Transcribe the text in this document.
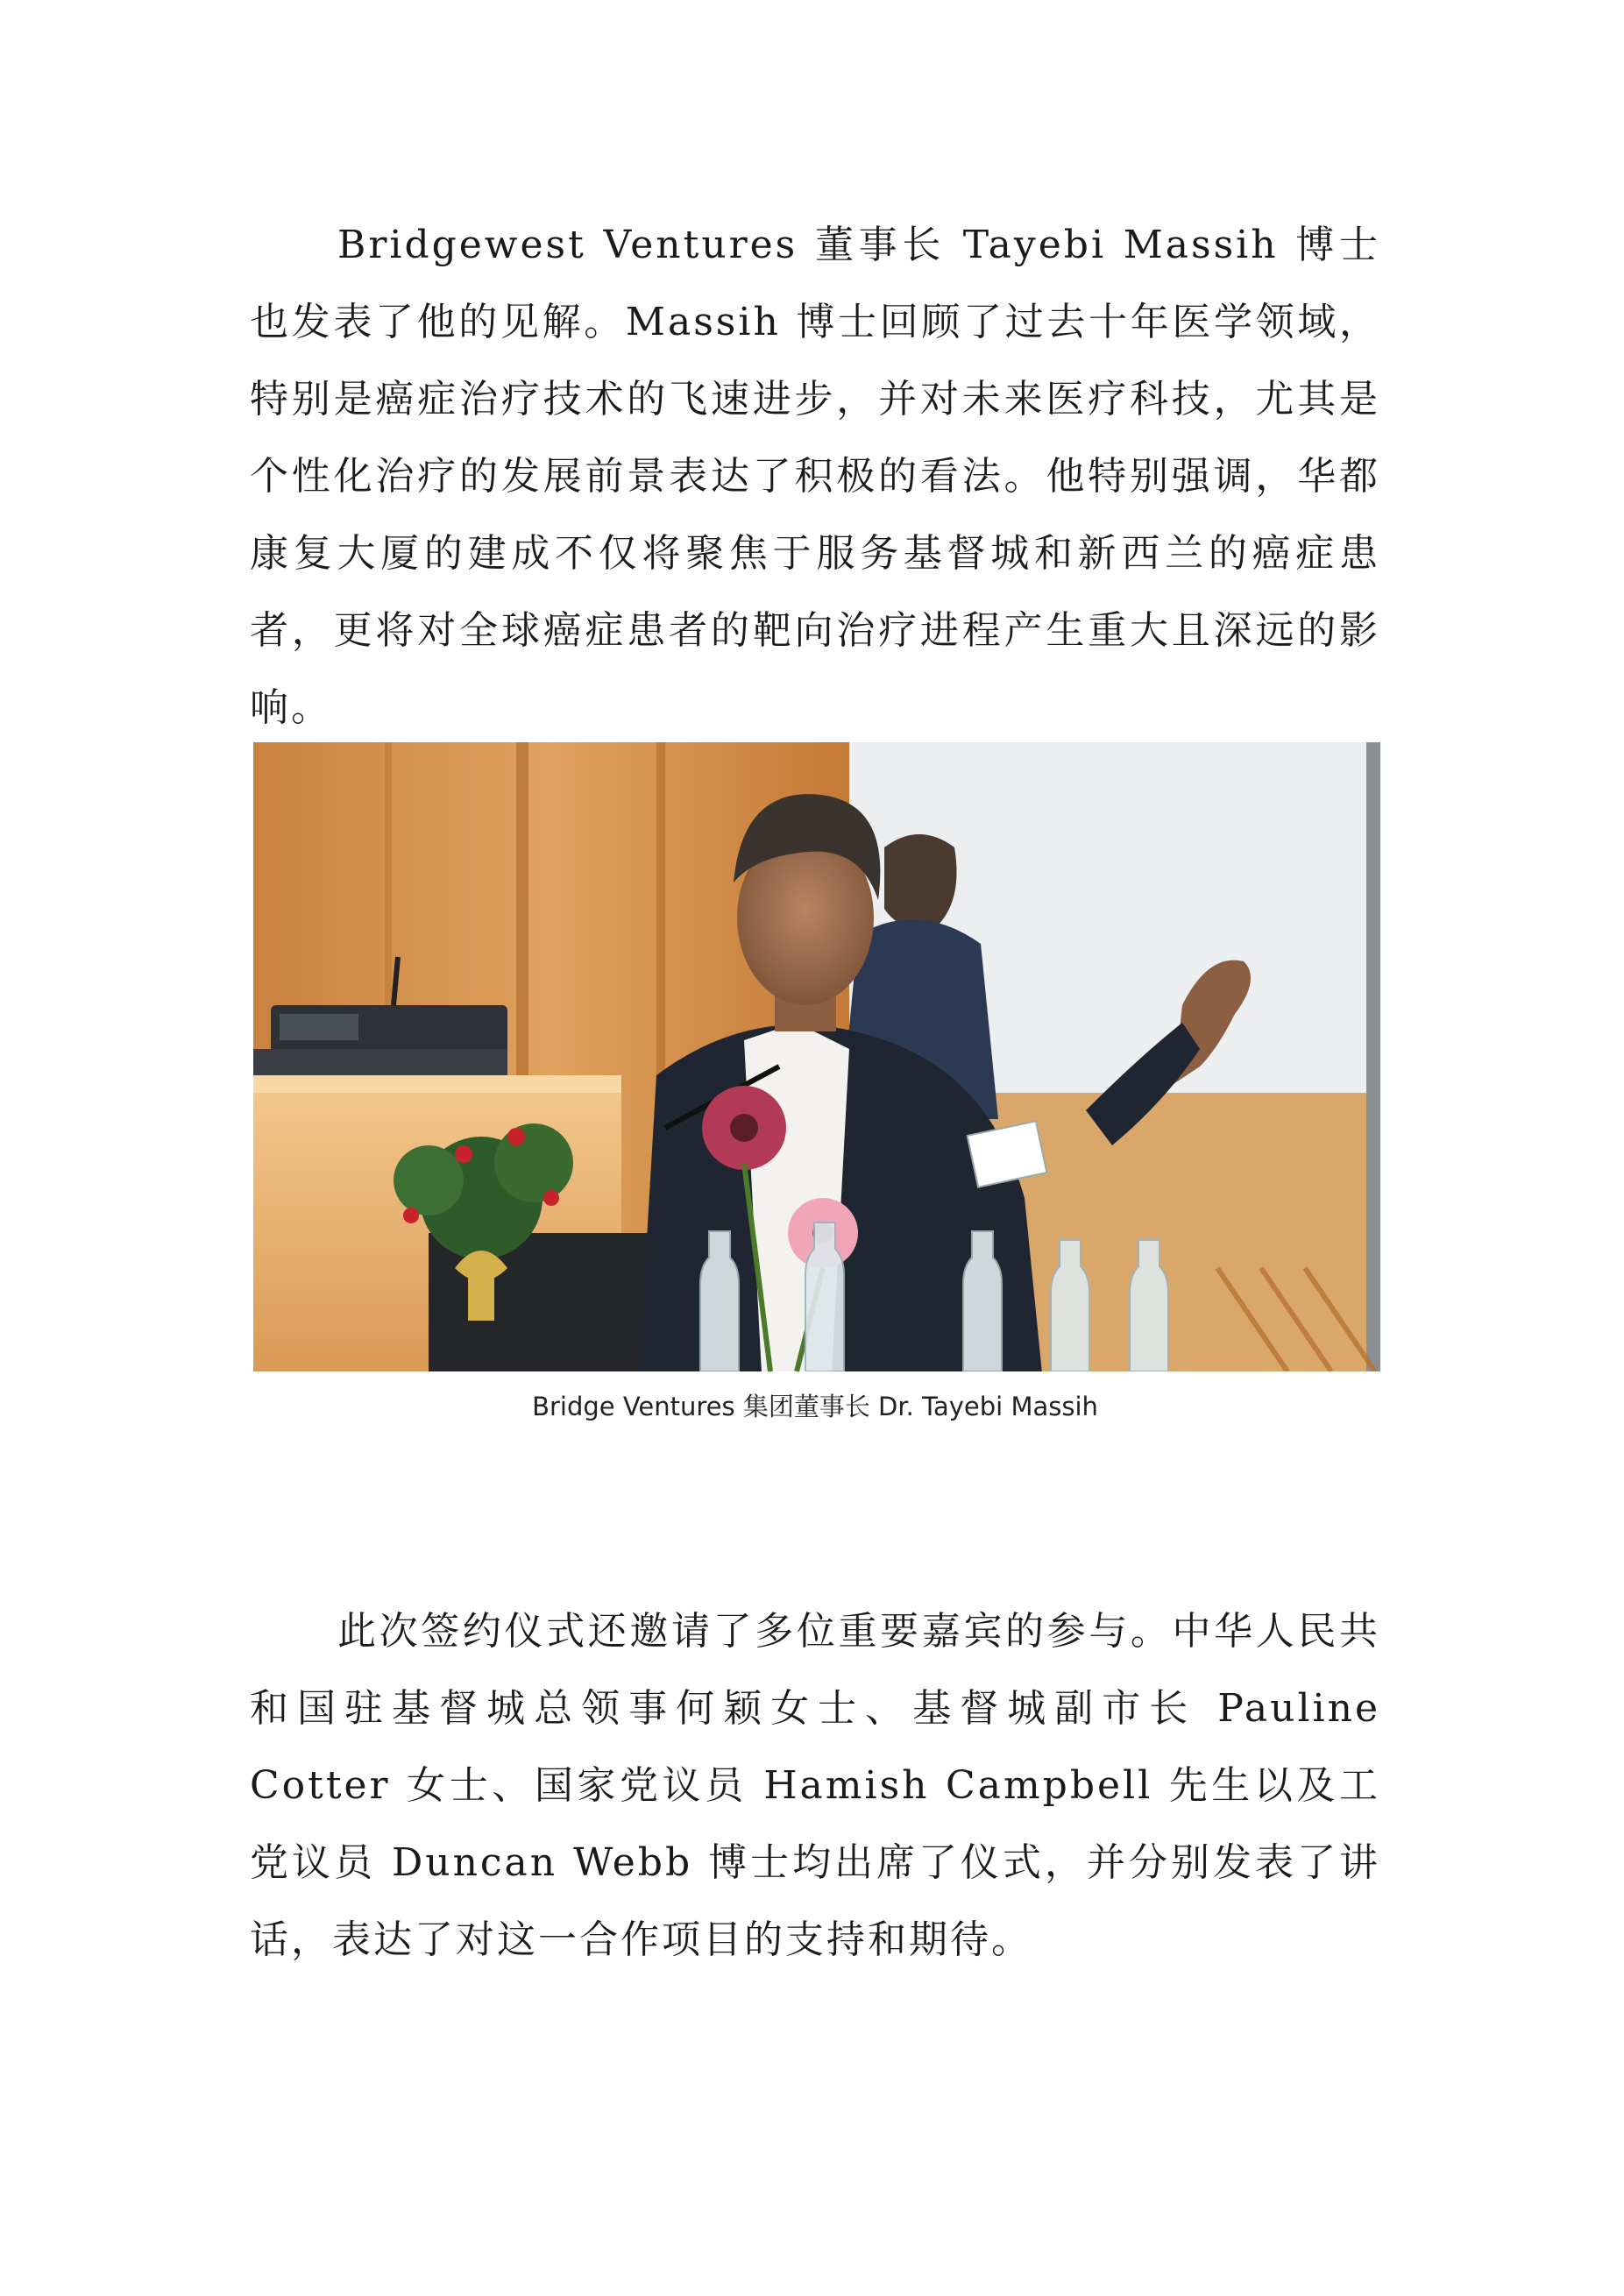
Bridgewest Ventures 董事长 Tayebi Massih 博士也发表了他的见解。Massih 博士回顾了过去十年医学领域，特别是癌症治疗技术的飞速进步，并对未来医疗科技，尤其是个性化治疗的发展前景表达了积极的看法。他特别强调，华都康复大厦的建成不仅将聚焦于服务基督城和新西兰的癌症患者，更将对全球癌症患者的靶向治疗进程产生重大且深远的影响。

Bridge Ventures 集团董事长 Dr. Tayebi Massih

此次签约仪式还邀请了多位重要嘉宾的参与。中华人民共和国驻基督城总领事何颖女士、基督城副市长 Pauline Cotter 女士、国家党议员 Hamish Campbell 先生以及工党议员 Duncan Webb 博士均出席了仪式，并分别发表了讲话，表达了对这一合作项目的支持和期待。
